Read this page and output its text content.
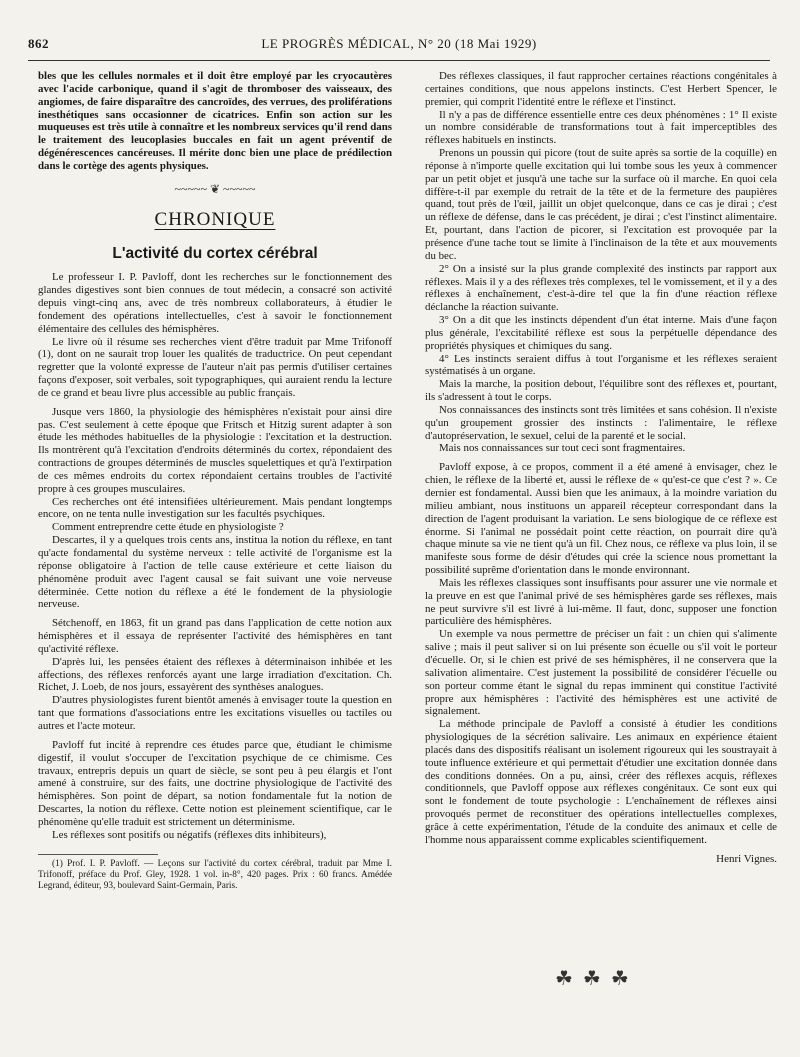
862	LE PROGRÈS MÉDICAL, N° 20 (18 Mai 1929)

bles que les cellules normales et il doit être employé par les cryocautères avec l'acide carbonique, quand il s'agit de thromboser des vaisseaux, des angiomes, de faire disparaître des cancroïdes, des verrues, des proliférations inesthétiques sans occasionner de cicatrices. Enfin son action sur les muqueuses est très utile à connaître et les nombreux services qu'il rend dans le traitement des leucoplasies buccales en fait un agent préventif de dégénérescences cancéreuses. Il mérite donc bien une place de prédilection dans le cortège des agents physiques.

~~~~~ ❦ ~~~~~
CHRONIQUE
L'activité du cortex cérébral

Le professeur I. P. Pavloff, dont les recherches sur le fonctionnement des glandes digestives sont bien connues de tout médecin, a consacré son activité depuis vingt-cinq ans, avec de très nombreux collaborateurs, à étudier le fondement des opérations intellectuelles, c'est à savoir le fonctionnement élémentaire des cellules des hémisphères.

Le livre où il résume ses recherches vient d'être traduit par Mme Trifonoff (1), dont on ne saurait trop louer les qualités de traductrice. On peut cependant regretter que la volonté expresse de l'auteur n'ait pas permis d'utiliser certaines façons d'exposer, soit verbales, soit typographiques, qui auraient rendu la lecture de ce grand et beau livre plus accessible au public français.

Jusque vers 1860, la physiologie des hémisphères n'existait pour ainsi dire pas. C'est seulement à cette époque que Fritsch et Hitzig surent adapter à son étude les méthodes habituelles de la physiologie : l'excitation et la destruction. Ils montrèrent qu'à l'excitation d'endroits déterminés du cortex, répondaient des contractions de groupes déterminés de muscles squelettiques et qu'à l'extirpation de ces mêmes endroits du cortex répondaient certains troubles de l'activité propre à ces groupes musculaires.

Ces recherches ont été intensifiées ultérieurement. Mais pendant longtemps encore, on ne tenta nulle investigation sur les facultés psychiques.

Comment entreprendre cette étude en physiologiste ?

Descartes, il y a quelques trois cents ans, institua la notion du réflexe, en tant qu'acte fondamental du système nerveux : telle activité de l'organisme est la réponse obligatoire à l'action de telle cause extérieure et cette liaison du phénomène produit avec l'agent causal se fait suivant une voie nerveuse déterminée. Cette notion du réflexe a été le fondement de la physiologie nerveuse.

Sétchenoff, en 1863, fit un grand pas dans l'application de cette notion aux hémisphères et il essaya de représenter l'activité des hémisphères en tant qu'activité réflexe.

D'après lui, les pensées étaient des réflexes à déterminaison inhibée et les affections, des réflexes renforcés ayant une large irradiation d'excitation. Ch. Richet, J. Loeb, de nos jours, essayèrent des synthèses analogues.

D'autres physiologistes furent bientôt amenés à envisager toute la question en tant que formations d'associations entre les excitations visuelles ou tactiles ou autres et l'acte moteur.

Pavloff fut incité à reprendre ces études parce que, étudiant le chimisme digestif, il voulut s'occuper de l'excitation psychique de ce chimisme. Ces travaux, entrepris depuis un quart de siècle, se sont peu à peu élargis et l'ont amené à construire, sur des faits, une doctrine physiologique de l'activité des hémisphères. Son point de départ, sa notion fondamentale fut la notion de Descartes, la notion du réflexe. Cette notion est pleinement scientifique, car le phénomène qu'elle traduit est strictement un déterminisme.

Les réflexes sont positifs ou négatifs (réflexes dits inhibiteurs),

(1) Prof. I. P. Pavloff. — Leçons sur l'activité du cortex cérébral, traduit par Mme I. Trifonoff, préface du Prof. Gley, 1928. 1 vol. in-8°, 420 pages. Prix : 60 francs. Amédée Legrand, éditeur, 93, boulevard Saint-Germain, Paris.

Des réflexes classiques, il faut rapprocher certaines réactions congénitales à certaines conditions, que nous appelons instincts. C'est Herbert Spencer, le premier, qui comprit l'identité entre le réflexe et l'instinct.

Il n'y a pas de différence essentielle entre ces deux phénomènes : 1° Il existe un nombre considérable de transformations tout à fait imperceptibles des réflexes habituels en instincts.

Prenons un poussin qui picore (tout de suite après sa sortie de la coquille) en réponse à n'importe quelle excitation qui lui tombe sous les yeux à commencer par un petit objet et jusqu'à une tache sur la surface où il marche. En quoi cela diffère-t-il par exemple du retrait de la tête et de la fermeture des paupières quand, tout près de l'œil, jaillit un objet quelconque, dans ce cas je dirai ; c'est un réflexe de défense, dans le cas précédent, je dirai ; c'est l'instinct alimentaire. Et, pourtant, dans l'action de picorer, si l'excitation est provoquée par la présence d'une tache tout se limite à l'inclinaison de la tête et aux mouvements du bec.

2° On a insisté sur la plus grande complexité des instincts par rapport aux réflexes. Mais il y a des réflexes très complexes, tel le vomissement, et il y a des réflexes à enchaînement, c'est-à-dire tel que la fin d'une réaction réflexe déclanche la réaction suivante.

3° On a dit que les instincts dépendent d'un état interne. Mais d'une façon plus générale, l'excitabilité réflexe est sous la perpétuelle dépendance des propriétés physiques et chimiques du sang.

4° Les instincts seraient diffus à tout l'organisme et les réflexes seraient systématisés à un organe.

Mais la marche, la position debout, l'équilibre sont des réflexes et, pourtant, ils s'adressent à tout le corps.

Nos connaissances des instincts sont très limitées et sans cohésion. Il n'existe qu'un groupement grossier des instincts : l'alimentaire, le réflexe d'autopréservation, le sexuel, celui de la parenté et le social.

Mais nos connaissances sur tout ceci sont fragmentaires.

Pavloff expose, à ce propos, comment il a été amené à envisager, chez le chien, le réflexe de la liberté et, aussi le réflexe de « qu'est-ce que c'est ? ». Ce dernier est fondamental. Aussi bien que les animaux, à la moindre variation du milieu ambiant, nous instituons un appareil récepteur correspondant dans la direction de l'agent produisant la variation. Le sens biologique de ce réflexe est énorme. Si l'animal ne possédait point cette réaction, on pourrait dire qu'à chaque minute sa vie ne tient qu'à un fil. Chez nous, ce réflexe va plus loin, il se manifeste sous forme de désir d'études qui crée la science nous promettant la possibilité suprême d'orientation dans le monde environnant.

Mais les réflexes classiques sont insuffisants pour assurer une vie normale et la preuve en est que l'animal privé de ses hémisphères garde ses réflexes, mais ne peut survivre s'il est livré à lui-même. Il faut, donc, supposer une fonction particulière des hémisphères.

Un exemple va nous permettre de préciser un fait : un chien qui s'alimente salive ; mais il peut saliver si on lui présente son écuelle ou s'il voit le porteur d'écuelle. Or, si le chien est privé de ses hémisphères, il ne conservera que la salivation alimentaire. C'est justement la possibilité de considérer l'écuelle ou son porteur comme étant le signal du repas imminent qui constitue l'activité propre aux hémisphères : l'activité des hémisphères est une activité de signalement.

La méthode principale de Pavloff a consisté à étudier les conditions physiologiques de la sécrétion salivaire. Les animaux en expérience étaient placés dans des dispositifs réalisant un isolement rigoureux qui les soustrayait à toute influence extérieure et qui permettait d'étudier une excitation donnée dans des conditions données. On a pu, ainsi, créer des réflexes acquis, réflexes conditionnels, que Pavloff oppose aux réflexes congénitaux. Ce sont eux qui sont le fondement de toute psychologie : L'enchaînement de réflexes ainsi provoqués permet de reconstituer des opérations intellectuelles complexes, grâce à cette expérimentation, l'étude de la conduite des animaux et celle de l'homme nous apparaissent comme explicables scientifiquement.

Henri Vignes.
☘☘☘
